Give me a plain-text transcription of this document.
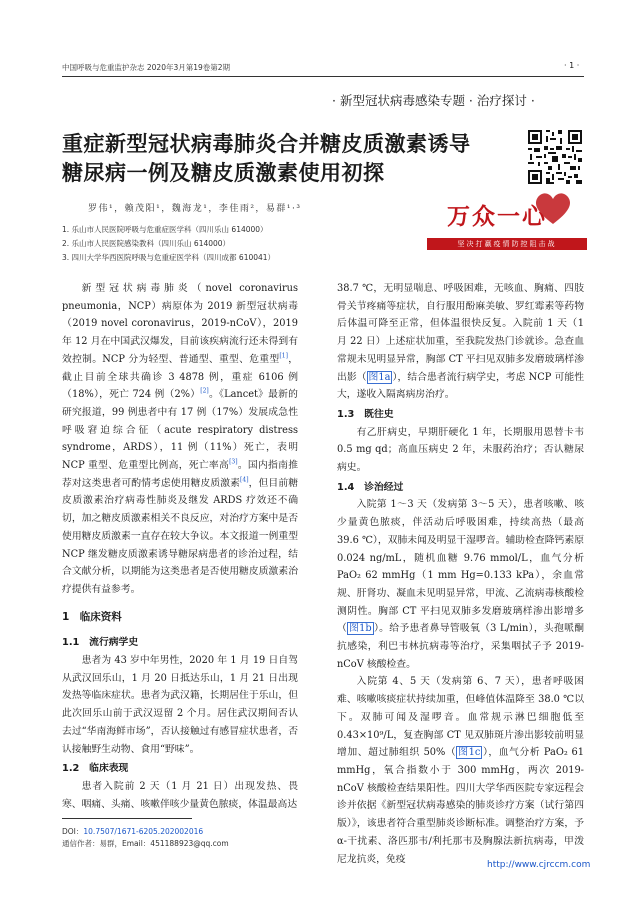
中国呼吸与危重监护杂志 2020年3月第19卷第2期	· 1 ·
· 新型冠状病毒感染专题 · 治疗探讨 ·
重症新型冠状病毒肺炎合并糖皮质激素诱导
糖尿病一例及糖皮质激素使用初探
万众一心
坚决打赢疫情防控阻击战
罗伟¹，赖茂阳¹，魏海龙¹，李佳雨²，易群¹·³
1. 乐山市人民医院呼吸与危重症医学科（四川乐山 614000）
2. 乐山市人民医院感染教科（四川乐山 614000）
3. 四川大学华西医院呼吸与危重症医学科（四川成都 610041）

新型冠状病毒肺炎（novel coronavirus pneumonia，NCP）病原体为 2019 新型冠状病毒（2019 novel coronavirus，2019-nCoV），2019 年 12 月在中国武汉爆发，目前该疾病流行还未得到有效控制。NCP 分为轻型、普通型、重型、危重型[1]，截止目前全球共确诊 3 4878 例，重症 6106 例（18%），死亡 724 例（2%）[2]。《Lancet》最新的研究报道，99 例患者中有 17 例（17%）发展成急性呼吸窘迫综合征（acute respiratory distress syndrome，ARDS），11 例（11%）死亡，表明 NCP 重型、危重型比例高，死亡率高[3]。国内指南推荐对这类患者可酌情考虑使用糖皮质激素[4]，但目前糖皮质激素治疗病毒性肺炎及继发 ARDS 疗效还不确切，加之糖皮质激素相关不良反应，对治疗方案中是否使用糖皮质激素一直存在较大争议。本文报道一例重型 NCP 继发糖皮质激素诱导糖尿病患者的诊治过程，结合文献分析，以期能为这类患者是否使用糖皮质激素治疗提供有益参考。

1　临床资料
1.1　流行病学史

患者为 43 岁中年男性，2020 年 1 月 19 日自驾从武汉回乐山，1 月 20 日抵达乐山，1 月 21 日出现发热等临床症状。患者为武汉籍，长期居住于乐山，但此次回乐山前于武汉逗留 2 个月。居住武汉期间否认去过“华南海鲜市场”，否认接触过有感冒症状患者，否认接触野生动物、食用“野味”。

1.2　临床表现

患者入院前 2 天（1 月 21 日）出现发热、畏寒、咽痛、头痛、咳嗽伴咳少量黄色脓痰，体温最高达

38.7 ℃，无明显喘息、呼吸困难，无咳血、胸痛、四肢骨关节疼痛等症状，自行服用酚麻美敏、罗红霉素等药物后体温可降至正常，但体温很快反复。入院前 1 天（1 月 22 日）上述症状加重，至我院发热门诊就诊。急查血常规未见明显异常，胸部 CT 平扫见双肺多发磨玻璃样渗出影（ 图1a ），结合患者流行病学史，考虑 NCP 可能性大，遂收入隔离病房治疗。

1.3　既往史

有乙肝病史，早期肝硬化 1 年，长期服用恩替卡韦 0.5 mg qd；高血压病史 2 年，未服药治疗；否认糖尿病史。

1.4　诊治经过

入院第 1～3 天（发病第 3～5 天），患者咳嗽、咳少量黄色脓痰，伴活动后呼吸困难，持续高热（最高 39.6 ℃），双肺未闻及明显干湿啰音。辅助检查降钙素原 0.024 ng/mL，随机血糖 9.76 mmol/L，血气分析 PaO₂ 62 mmHg（1 mm Hg=0.133 kPa），余血常规、肝肾功、凝血未见明显异常，甲流、乙流病毒核酸检测阴性。胸部 CT 平扫见双肺多发磨玻璃样渗出影增多（ 图1b ）。给予患者鼻导管吸氧（3 L/min），头孢哌酮抗感染，利巴韦林抗病毒等治疗，采集咽拭子予 2019-nCoV 核酸检查。

入院第 4、5 天（发病第 6、7 天），患者呼吸困难、咳嗽咳痰症状持续加重，但峰值体温降至 38.0 ℃以下。双肺可闻及湿啰音。血常规示淋巴细胞低至 0.43×10⁹/L，复查胸部 CT 见双肺斑片渗出影较前明显增加、超过肺组织 50%（ 图1c ），血气分析 PaO₂ 61 mmHg，氧合指数小于 300 mmHg，两次 2019-nCoV 核酸检查结果阳性。四川大学华西医院专家远程会诊并依据《新型冠状病毒感染的肺炎诊疗方案（试行第四版）》，该患者符合重型肺炎诊断标准。调整治疗方案，予 α-干扰素、洛匹那韦/利托那韦及胸腺法新抗病毒，甲泼尼龙抗炎，免疫

DOI：10.7507/1671-6205.202002016
通信作者：易群，Email：451188923@qq.com
http://www.cjrccm.com
